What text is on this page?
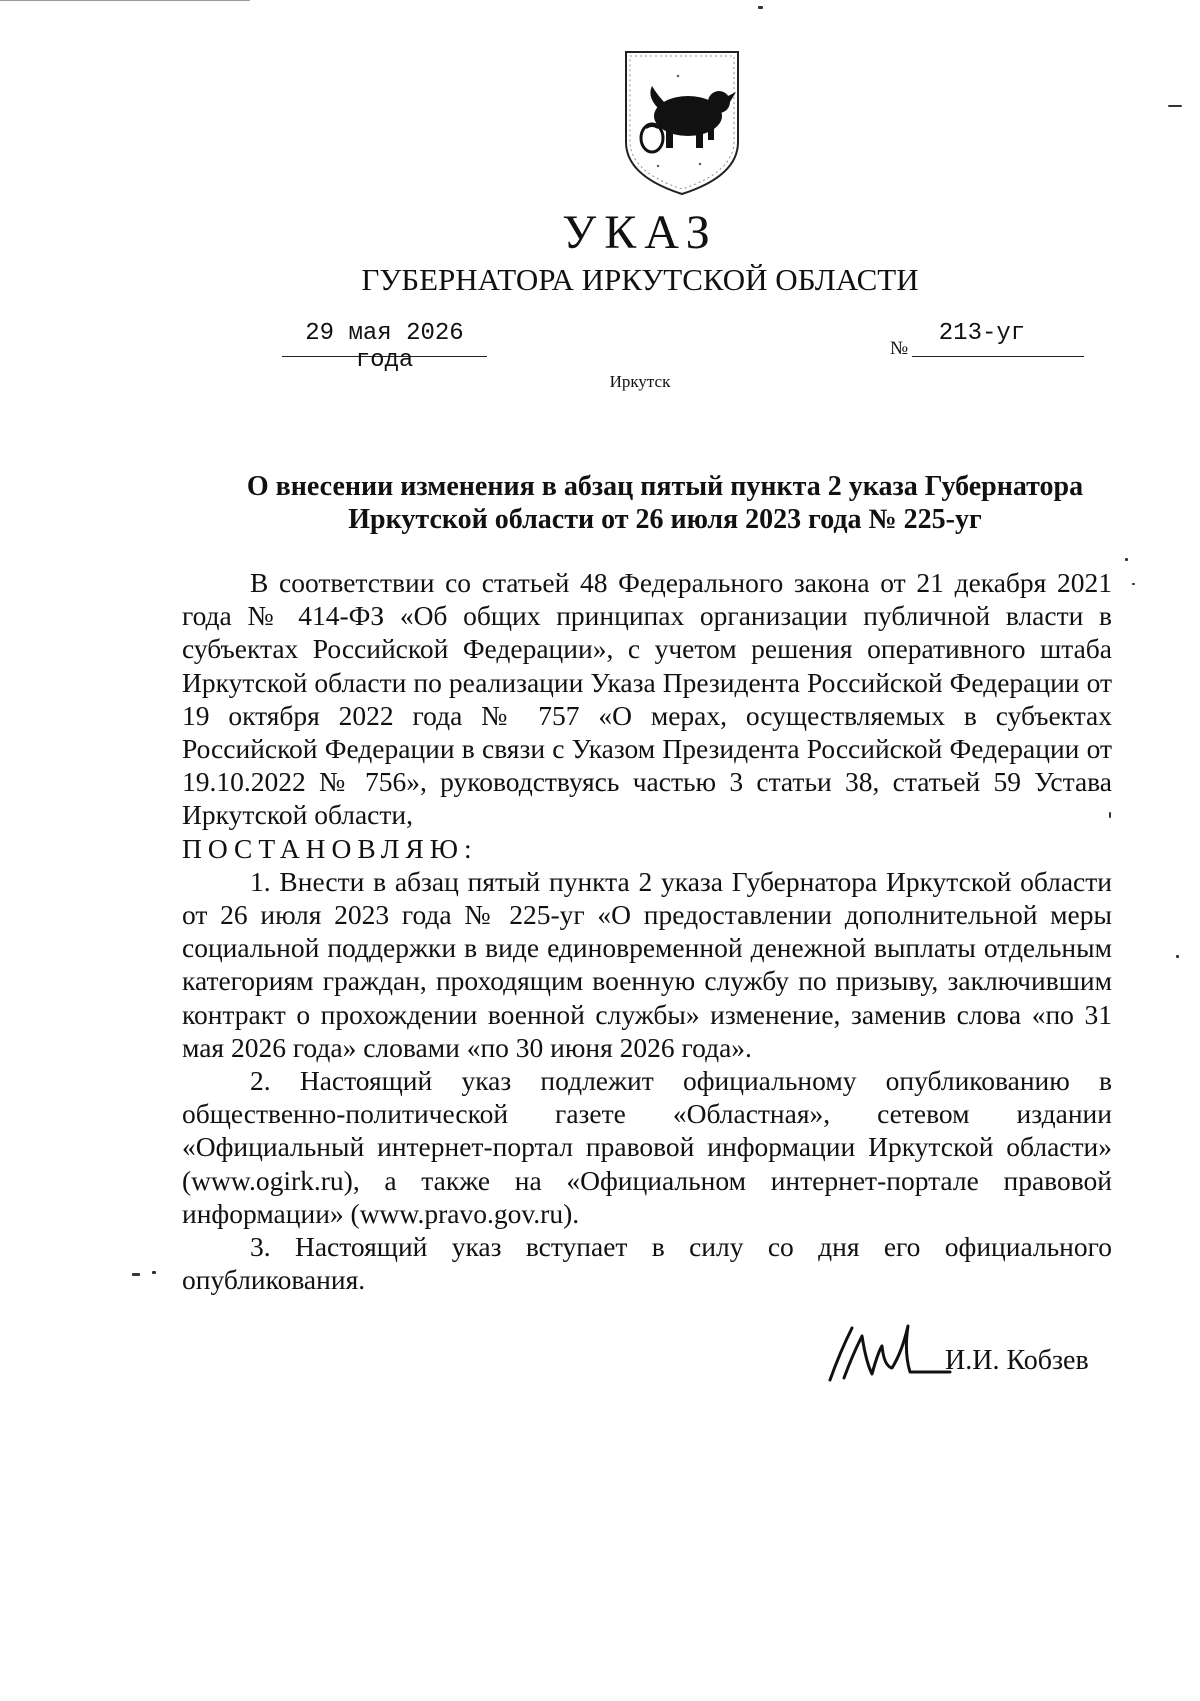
УКАЗ
ГУБЕРНАТОРА ИРКУТСКОЙ ОБЛАСТИ
29 мая 2026 года	№
213-уг
Иркутск
О внесении изменения в абзац пятый пункта 2 указа Губернатора Иркутской области от 26 июля 2023 года № 225-уг

В соответствии со статьей 48 Федерального закона от 21 декабря 2021 года № 414-ФЗ «Об общих принципах организации публичной власти в субъектах Российской Федерации», с учетом решения оперативного штаба Иркутской области по реализации Указа Президента Российской Федерации от 19 октября 2022 года № 757 «О мерах, осуществляемых в субъектах Российской Федерации в связи с Указом Президента Российской Федерации от 19.10.2022 № 756», руководствуясь частью 3 статьи 38, статьей 59 Устава Иркутской области,

ПОСТАНОВЛЯЮ:

1. Внести в абзац пятый пункта 2 указа Губернатора Иркутской области от 26 июля 2023 года № 225-уг «О предоставлении дополнительной меры социальной поддержки в виде единовременной денежной выплаты отдельным категориям граждан, проходящим военную службу по призыву, заключившим контракт о прохождении военной службы» изменение, заменив слова «по 31 мая 2026 года» словами «по 30 июня 2026 года».

2. Настоящий указ подлежит официальному опубликованию в общественно-политической газете «Областная», сетевом издании «Официальный интернет-портал правовой информации Иркутской области» (www.ogirk.ru), а также на «Официальном интернет-портале правовой информации» (www.pravo.gov.ru).

3. Настоящий указ вступает в силу со дня его официального опубликования.

И.И. Кобзев
